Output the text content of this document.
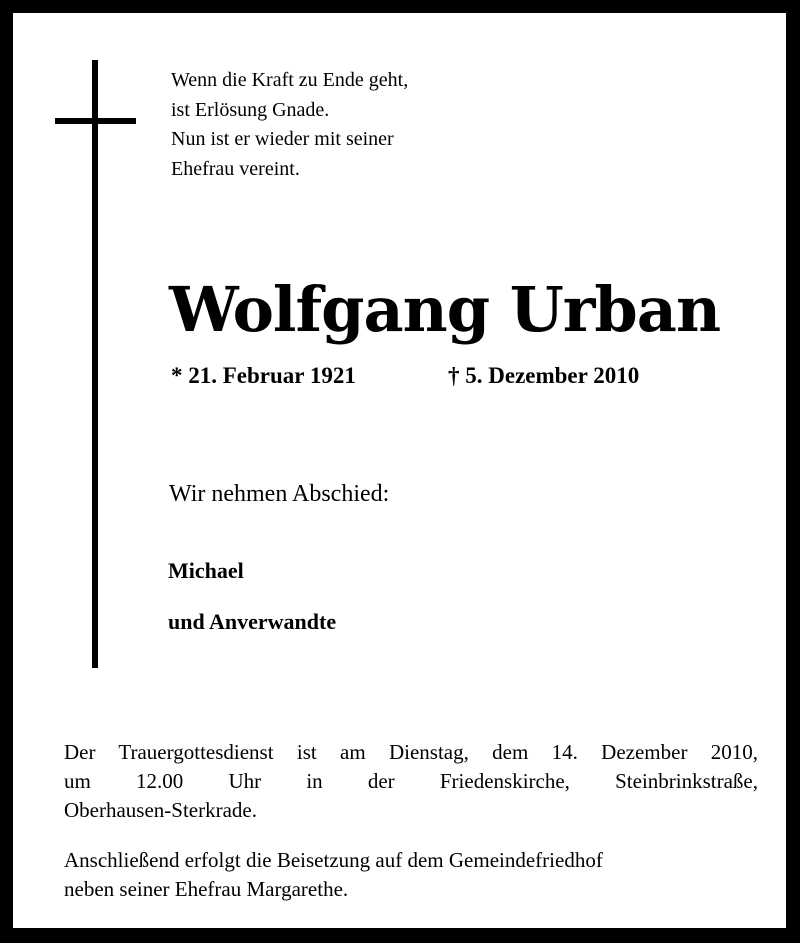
Wenn die Kraft zu Ende geht,
ist Erlösung Gnade.
Nun ist er wieder mit seiner
Ehefrau vereint.
Wolfgang Urban
* 21. Februar 1921	† 5. Dezember 2010
Wir nehmen Abschied:
Michael
und Anverwandte
Der Trauergottesdienst ist am Dienstag, dem 14. Dezember 2010,
um 12.00 Uhr in der Friedenskirche, Steinbrinkstraße,
Oberhausen-Sterkrade.
Anschließend erfolgt die Beisetzung auf dem Gemeindefriedhof
neben seiner Ehefrau Margarethe.
